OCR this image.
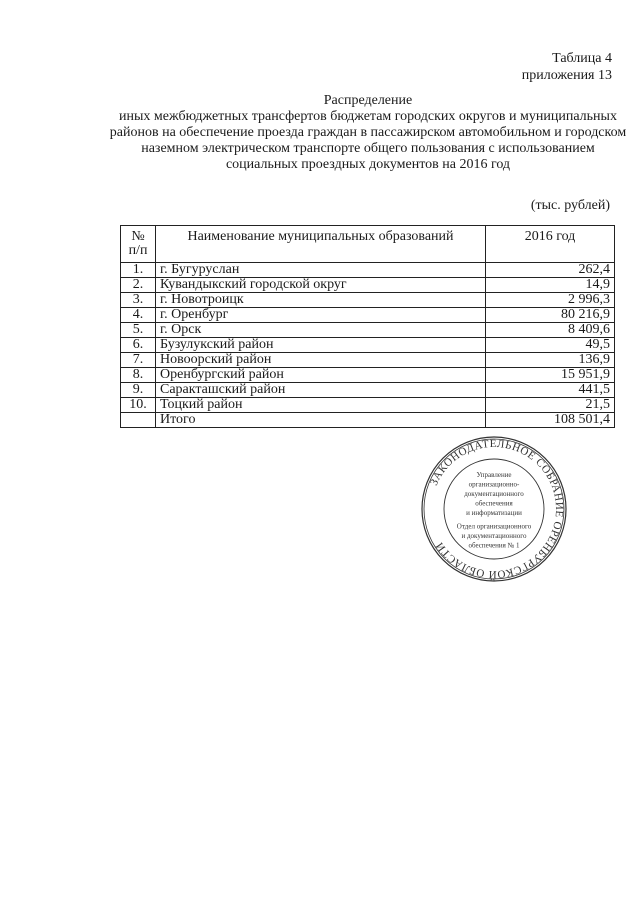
Таблица 4
приложения 13
Распределение
иных межбюджетных трансфертов бюджетам городских округов и муниципальных районов на обеспечение проезда граждан в пассажирском автомобильном и городском наземном электрическом транспорте общего пользования с использованием социальных проездных документов на 2016 год
(тыс. рублей)
№
п/п	Наименование муниципальных образований	2016 год
1.	г. Бугуруслан	262,4
2.	Кувандыкский городской округ	14,9
3.	г. Новотроицк	2 996,3
4.	г. Оренбург	80 216,9
5.	г. Орск	8 409,6
6.	Бузулукский район	49,5
7.	Новоорский район	136,9
8.	Оренбургский район	15 951,9
9.	Саракташский район	441,5
10.	Тоцкий район	21,5
	Итого	108 501,4
ЗАКОНОДАТЕЛЬНОЕ СОБРАНИЕ ОРЕНБУРГСКОЙ ОБЛАСТИ
Управление
организационно-
документационного
обеспечения
и информатизации
Отдел организационного
и документационного
обеспечения № 1
